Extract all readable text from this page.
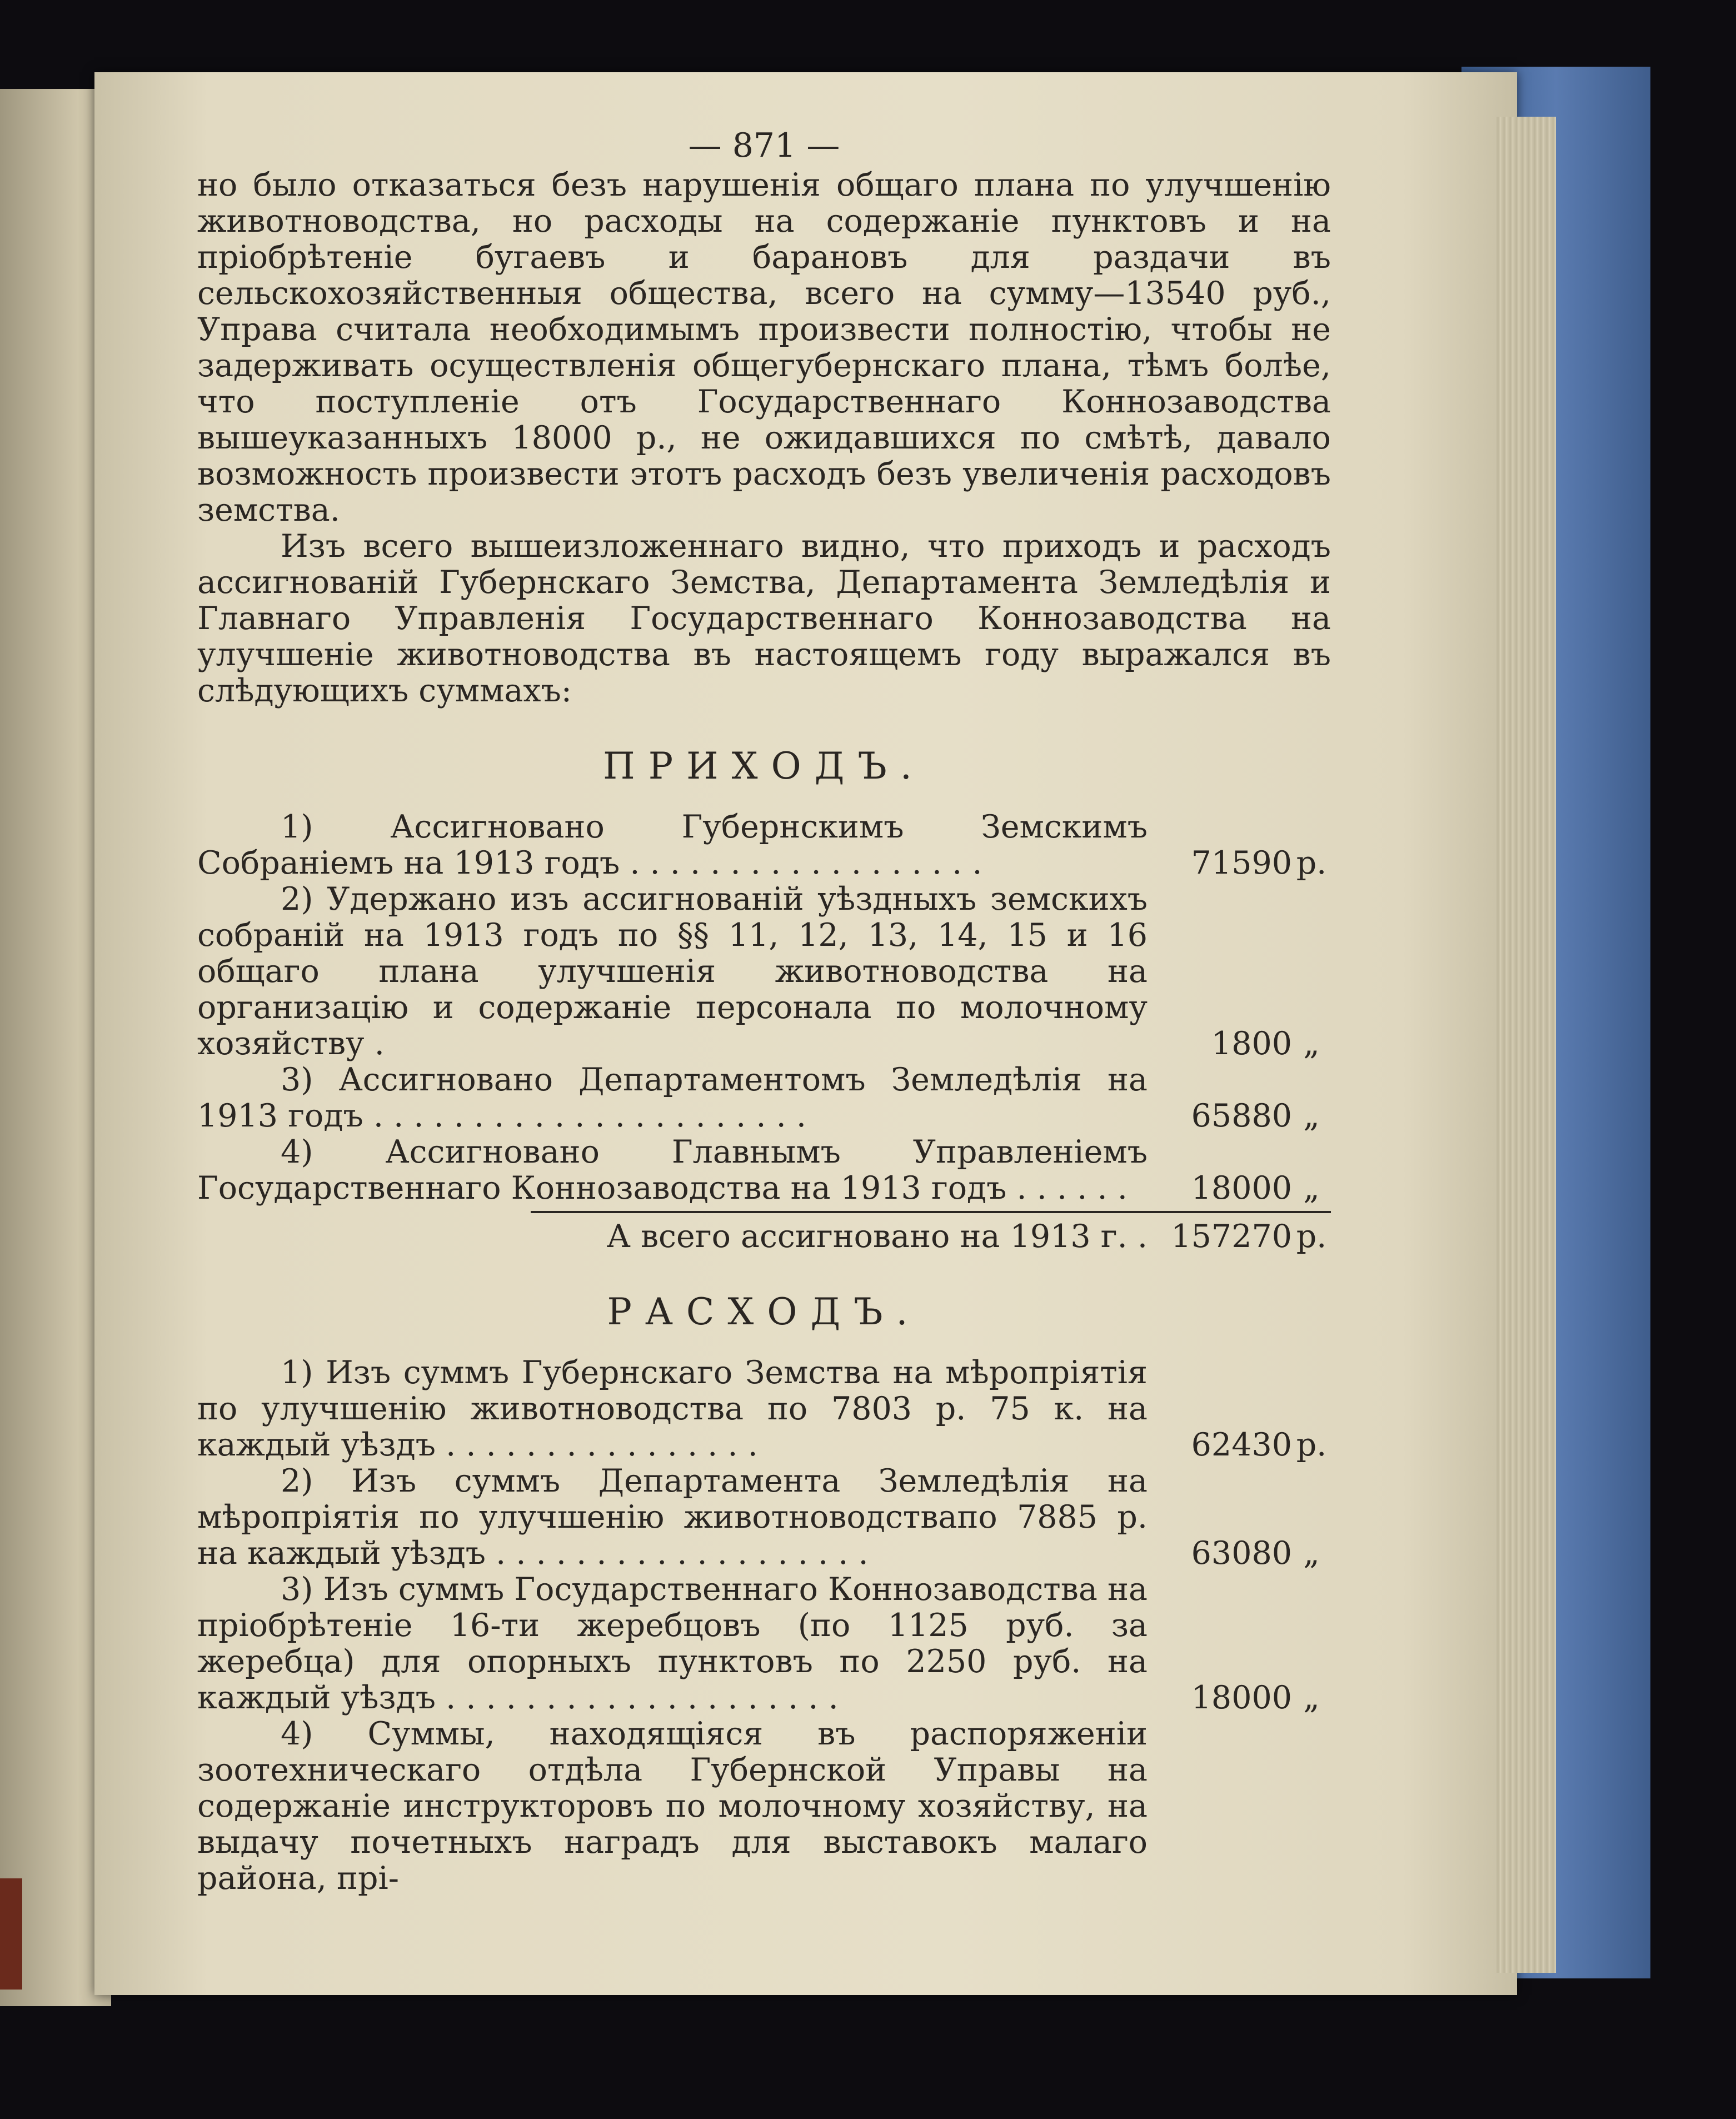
— 871 —
но было отказаться безъ нарушенія общаго плана по улучшенію животноводства, но расходы на содержаніе пунктовъ и на пріобрѣтеніе бугаевъ и барановъ для раздачи въ сельскохозяйственныя общества, всего на сумму—13540 руб., Управа считала необходимымъ произвести полностію, чтобы не задерживать осуществленія общегубернскаго плана, тѣмъ болѣе, что поступленіе отъ Государственнаго Коннозаводства вышеуказанныхъ 18000 р., не ожидавшихся по смѣтѣ, давало возможность произвести этотъ расходъ безъ увеличенія расходовъ земства.
Изъ всего вышеизложеннаго видно, что приходъ и расходъ ассигнованій Губернскаго Земства, Департамента Земледѣлія и Главнаго Управленія Государственнаго Коннозаводства на улучшеніе животноводства въ настоящемъ году выражался въ слѣдующихъ суммахъ:
ПРИХОДЪ.
1) Ассигновано Губернскимъ Земскимъ Собраніемъ на 1913 годъ . . . . . . . . . . . . . . . . . .	71590 р.
2) Удержано изъ ассигнованій уѣздныхъ земскихъ собраній на 1913 годъ по §§ 11, 12, 13, 14, 15 и 16 общаго плана улучшенія животноводства на организацію и содержаніе персонала по молочному хозяйству .	1800 „
3) Ассигновано Департаментомъ Земледѣлія на 1913 годъ . . . . . . . . . . . . . . . . . . . . . .	65880 „
4) Ассигновано Главнымъ Управленіемъ Государственнаго Коннозаводства на 1913 годъ . . . . . .	18000 „
А всего ассигновано на 1913 г. . 157270 р.
РАСХОДЪ.
1) Изъ суммъ Губернскаго Земства на мѣропріятія по улучшенію животноводства по 7803 р. 75 к. на каждый уѣздъ . . . . . . . . . . . . . . . .	62430 р.
2) Изъ суммъ Департамента Земледѣлія на мѣропріятія по улучшенію животноводствапо 7885 р. на каждый уѣздъ . . . . . . . . . . . . . . . . . . .	63080 „
3) Изъ суммъ Государственнаго Коннозаводства на пріобрѣтеніе 16-ти жеребцовъ (по 1125 руб. за жеребца) для опорныхъ пунктовъ по 2250 руб. на каждый уѣздъ . . . . . . . . . . . . . . . . . . . .	18000 „
4) Суммы, находящіяся въ распоряженіи зоотехническаго отдѣла Губернской Управы на содержаніе инструкторовъ по молочному хозяйству, на выдачу почетныхъ наградъ для выставокъ малаго района, прі-
